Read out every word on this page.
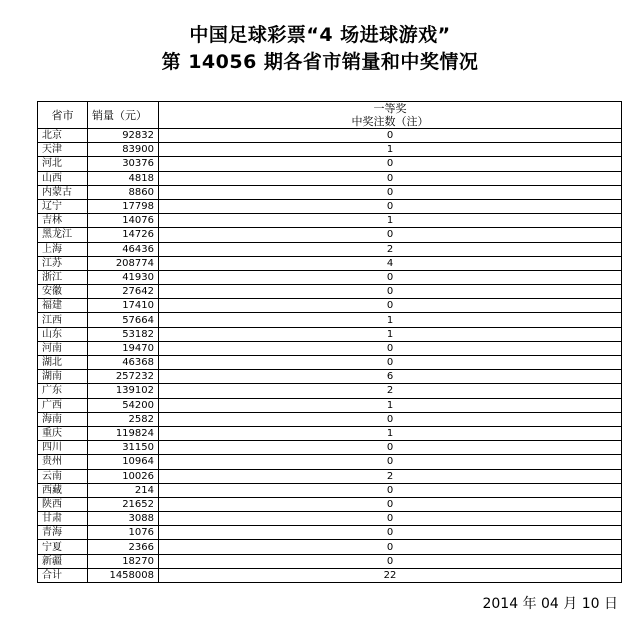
中国足球彩票“4 场进球游戏”
第 14056 期各省市销量和中奖情况
省市	销量（元）	一等奖
中奖注数（注）

北京	92832	0
天津	83900	1
河北	30376	0
山西	4818	0
内蒙古	8860	0
辽宁	17798	0
吉林	14076	1
黑龙江	14726	0
上海	46436	2
江苏	208774	4
浙江	41930	0
安徽	27642	0
福建	17410	0
江西	57664	1
山东	53182	1
河南	19470	0
湖北	46368	0
湖南	257232	6
广东	139102	2
广西	54200	1
海南	2582	0
重庆	119824	1
四川	31150	0
贵州	10964	0
云南	10026	2
西藏	214	0
陕西	21652	0
甘肃	3088	0
青海	1076	0
宁夏	2366	0
新疆	18270	0
合计	1458008	22
2014 年 04 月 10 日
